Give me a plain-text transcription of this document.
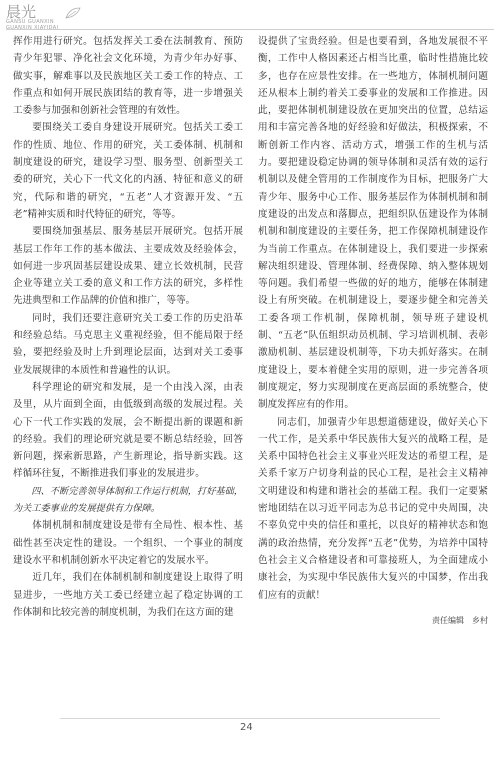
晨光
GANSU GUANXIN
GUANXIN XIAYIDAI

挥作用进行研究。包括发挥关工委在法制教育、预防青少年犯罪、净化社会文化环境，为青少年办好事、做实事，解难事以及民族地区关工委工作的特点、工作重点和如何开展民族团结的教育等，进一步增强关工委参与加强和创新社会管理的有效性。

要围绕关工委自身建设开展研究。包括关工委工作的性质、地位、作用的研究，关工委体制、机制和制度建设的研究，建设学习型、服务型、创新型关工委的研究，关心下一代文化的内涵、特征和意义的研究，代际和谐的研究，“五老”人才资源开发、“五老”精神实质和时代特征的研究，等等。

要围绕加强基层、服务基层开展研究。包括开展基层工作年工作的基本做法、主要成效及经验体会，如何进一步巩固基层建设成果、建立长效机制，民营企业等建立关工委的意义和工作方法的研究，多样性先进典型和工作品牌的价值和推广，等等。

同时，我们还要注意研究关工委工作的历史沿革和经验总结。马克思主义重视经验，但不能局限于经验，要把经验及时上升到理论层面，达到对关工委事业发展规律的本质性和普遍性的认识。

科学理论的研究和发展，是一个由浅入深，由表及里，从片面到全面，由低级到高级的发展过程。关心下一代工作实践的发展，会不断提出新的课题和新的经验。我们的理论研究就是要不断总结经验，回答新问题，探索新思路，产生新理论，指导新实践。这样循环往复，不断推进我们事业的发展进步。

四、不断完善领导体制和工作运行机制，打好基础，为关工委事业的发展提供有力保障。

体制机制和制度建设是带有全局性、根本性、基础性甚至决定性的建设。一个组织、一个事业的制度建设水平和机制创新水平决定着它的发展水平。

近几年，我们在体制机制和制度建设上取得了明显进步，一些地方关工委已经建立起了稳定协调的工作体制和比较完善的制度机制，为我们在这方面的建

设提供了宝贵经验。但是也要看到，各地发展很不平衡，工作中人格因素还占相当比重，临时性措施比较多，也存在应景性安排。在一些地方，体制机制问题还从根本上制约着关工委事业的发展和工作推进。因此，要把体制机制建设放在更加突出的位置，总结运用和丰富完善各地的好经验和好做法，积极探索，不断创新工作内容、活动方式，增强工作的生机与活力。要把建设稳定协调的领导体制和灵活有效的运行机制以及健全管用的工作制度作为目标，把服务广大青少年、服务中心工作、服务基层作为体制机制和制度建设的出发点和落脚点，把组织队伍建设作为体制机制和制度建设的主要任务，把工作保障机制建设作为当前工作重点。在体制建设上，我们要进一步探索解决组织建设、管理体制、经费保障、纳入整体规划等问题。我们希望一些做的好的地方，能够在体制建设上有所突破。在机制建设上，要逐步健全和完善关工委各项工作机制，保障机制，领导班子建设机制、“五老”队伍组织动员机制、学习培训机制、表彰激励机制、基层建设机制等，下功夫抓好落实。在制度建设上，要本着健全实用的原则，进一步完善各项制度规定，努力实现制度在更高层面的系统整合，使制度发挥应有的作用。

同志们，加强青少年思想道德建设，做好关心下一代工作，是关系中华民族伟大复兴的战略工程，是关系中国特色社会主义事业兴旺发达的希望工程，是关系千家万户切身利益的民心工程，是社会主义精神文明建设和构建和谐社会的基础工程。我们一定要紧密地团结在以习近平同志为总书记的党中央周围，决不辜负党中央的信任和重托，以良好的精神状态和饱满的政治热情，充分发挥“五老”优势，为培养中国特色社会主义合格建设者和可靠接班人，为全面建成小康社会，为实现中华民族伟大复兴的中国梦，作出我们应有的贡献！

责任编辑　乡村
24
